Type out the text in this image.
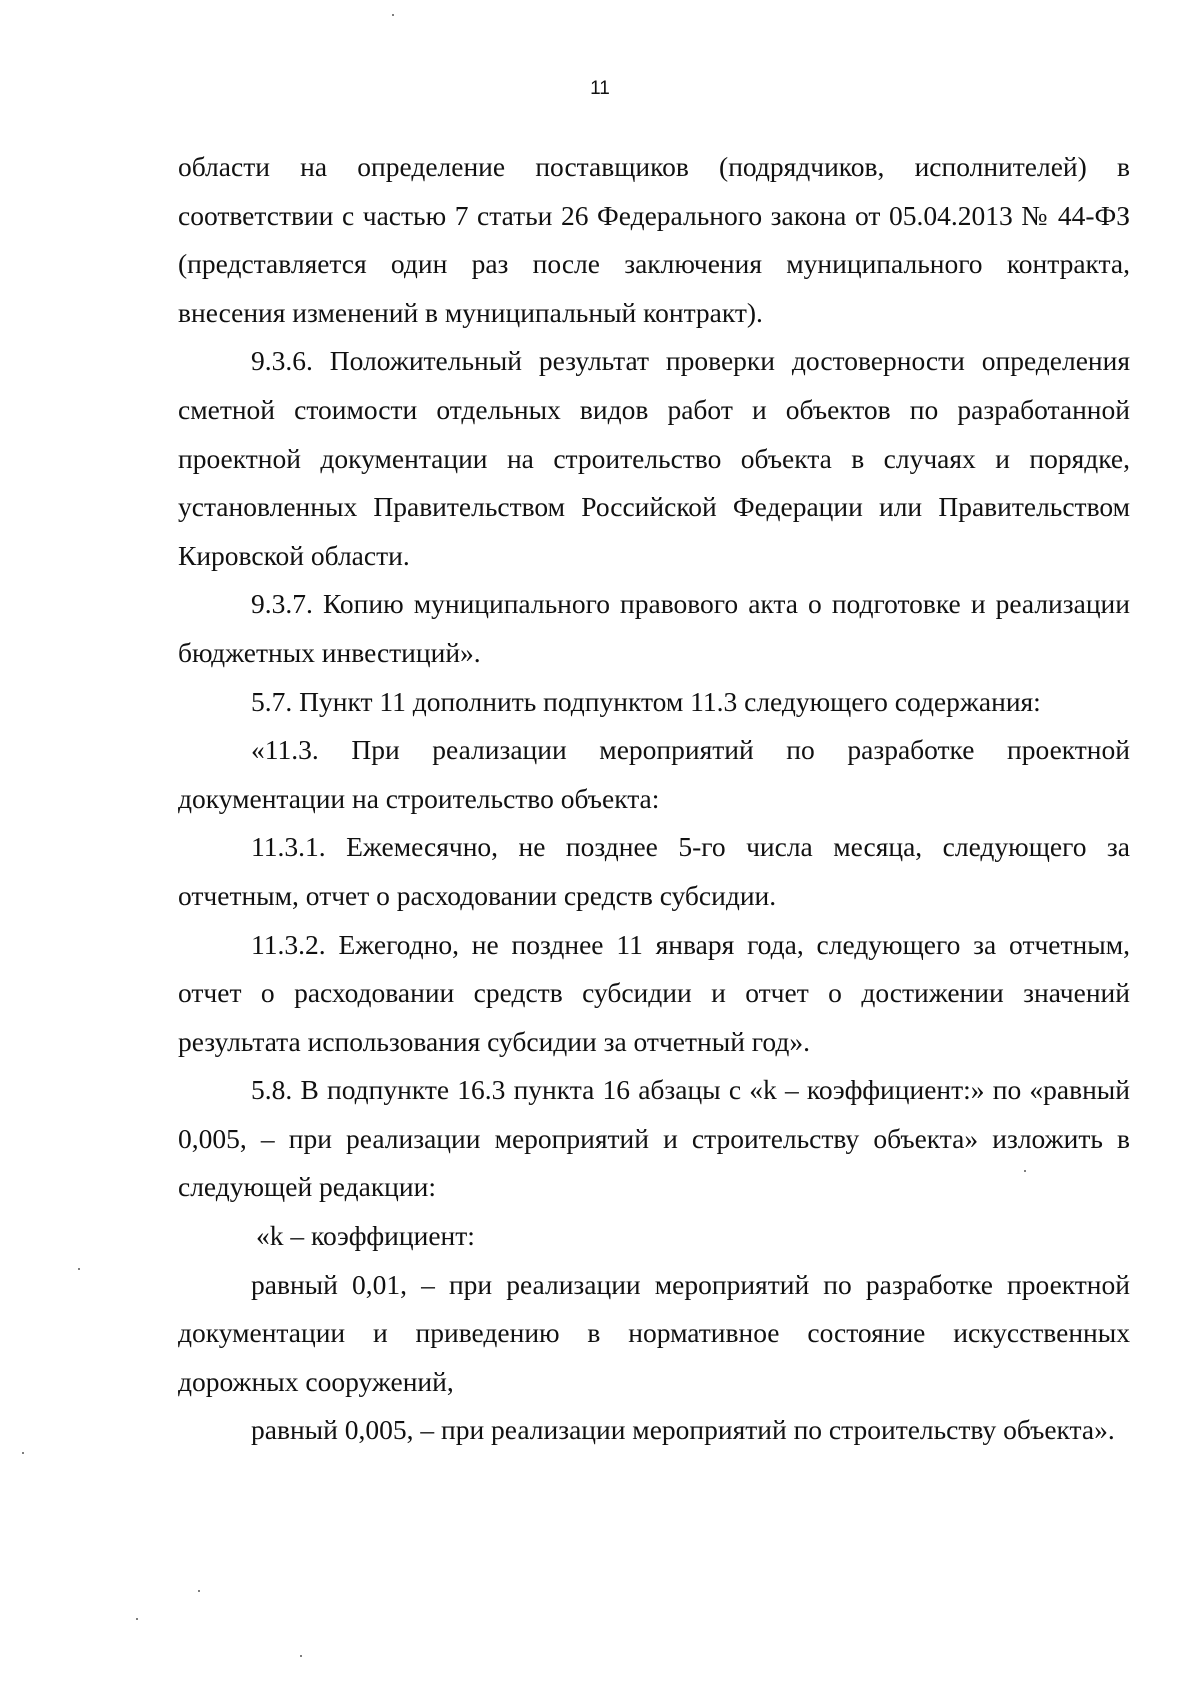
11

области на определение поставщиков (подрядчиков, исполнителей) в соответствии с частью 7 статьи 26 Федерального закона от 05.04.2013 № 44-ФЗ (представляется один раз после заключения муниципального контракта, внесения изменений в муниципальный контракт).

9.3.6. Положительный результат проверки достоверности определения сметной стоимости отдельных видов работ и объектов по разработанной проектной документации на строительство объекта в случаях и порядке, установленных Правительством Российской Федерации или Правительством Кировской области.

9.3.7. Копию муниципального правового акта о подготовке и реализации бюджетных инвестиций».

5.7. Пункт 11 дополнить подпунктом 11.3 следующего содержания:

«11.3. При реализации мероприятий по разработке проектной документации на строительство объекта:

11.3.1. Ежемесячно, не позднее 5-го числа месяца, следующего за отчетным, отчет о расходовании средств субсидии.

11.3.2. Ежегодно, не позднее 11 января года, следующего за отчетным, отчет о расходовании средств субсидии и отчет о достижении значений результата использования субсидии за отчетный год».

5.8. В подпункте 16.3 пункта 16 абзацы с «k – коэффициент:» по «равный 0,005, – при реализации мероприятий и строительству объекта» изложить в следующей редакции:

«k – коэффициент:

равный 0,01, – при реализации мероприятий по разработке проектной документации и приведению в нормативное состояние искусственных дорожных сооружений,

равный 0,005, – при реализации мероприятий по строительству объекта».
